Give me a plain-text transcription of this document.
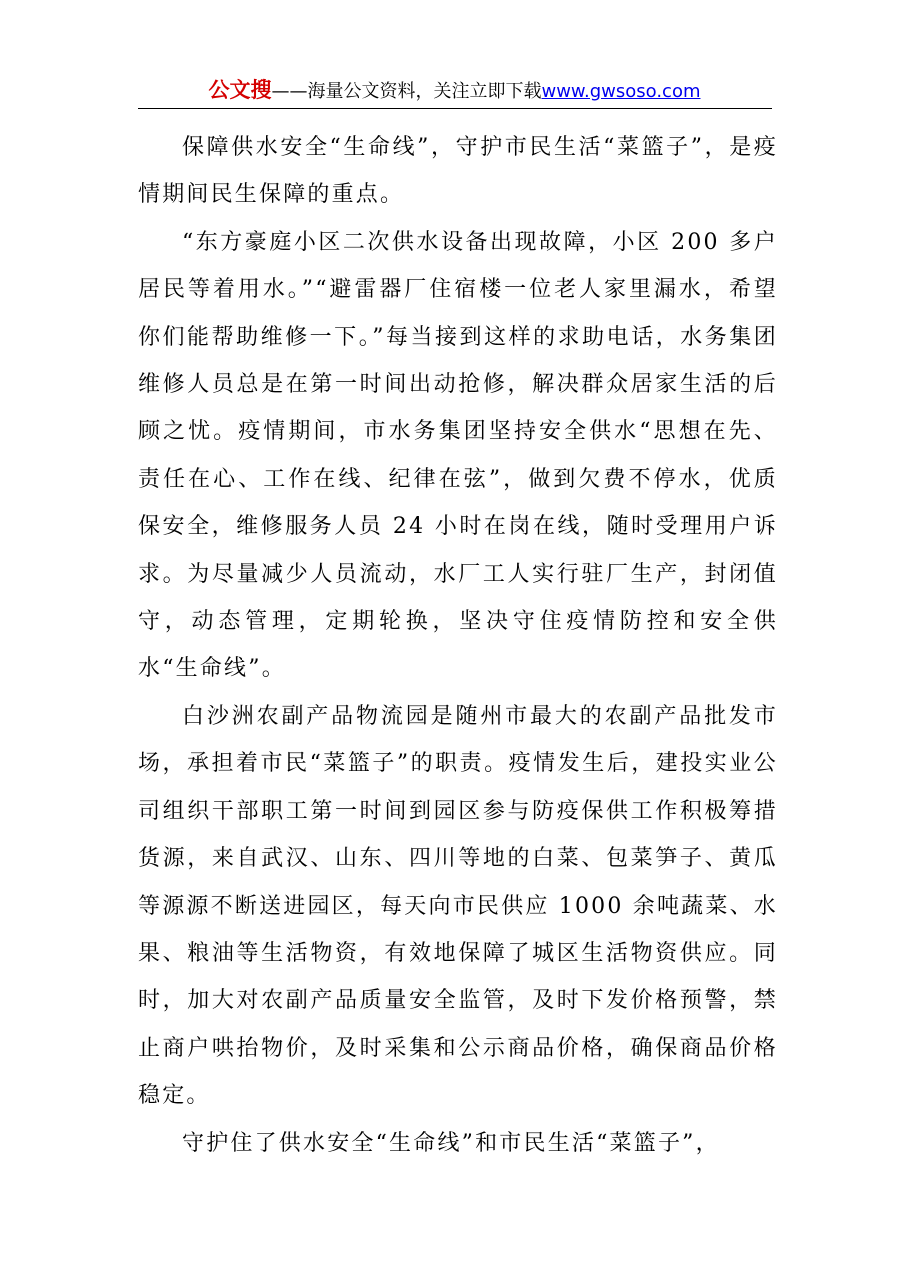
公文搜——海量公文资料，关注立即下载www.gwsoso.com

保障供水安全“生命线”，守护市民生活“菜篮子”，是疫情期间民生保障的重点。

“东方豪庭小区二次供水设备出现故障，小区 200 多户居民等着用水。”“避雷器厂住宿楼一位老人家里漏水，希望你们能帮助维修一下。”每当接到这样的求助电话，水务集团维修人员总是在第一时间出动抢修，解决群众居家生活的后顾之忧。疫情期间，市水务集团坚持安全供水“思想在先、责任在心、工作在线、纪律在弦”，做到欠费不停水，优质保安全，维修服务人员 24 小时在岗在线，随时受理用户诉求。为尽量减少人员流动，水厂工人实行驻厂生产，封闭值守，动态管理，定期轮换，坚决守住疫情防控和安全供水“生命线”。

白沙洲农副产品物流园是随州市最大的农副产品批发市场，承担着市民“菜篮子”的职责。疫情发生后，建投实业公司组织干部职工第一时间到园区参与防疫保供工作积极筹措货源，来自武汉、山东、四川等地的白菜、包菜笋子、黄瓜等源源不断送进园区，每天向市民供应 1000 余吨蔬菜、水果、粮油等生活物资，有效地保障了城区生活物资供应。同时，加大对农副产品质量安全监管，及时下发价格预警，禁止商户哄抬物价，及时采集和公示商品价格，确保商品价格稳定。

守护住了供水安全“生命线”和市民生活“菜篮子”，
